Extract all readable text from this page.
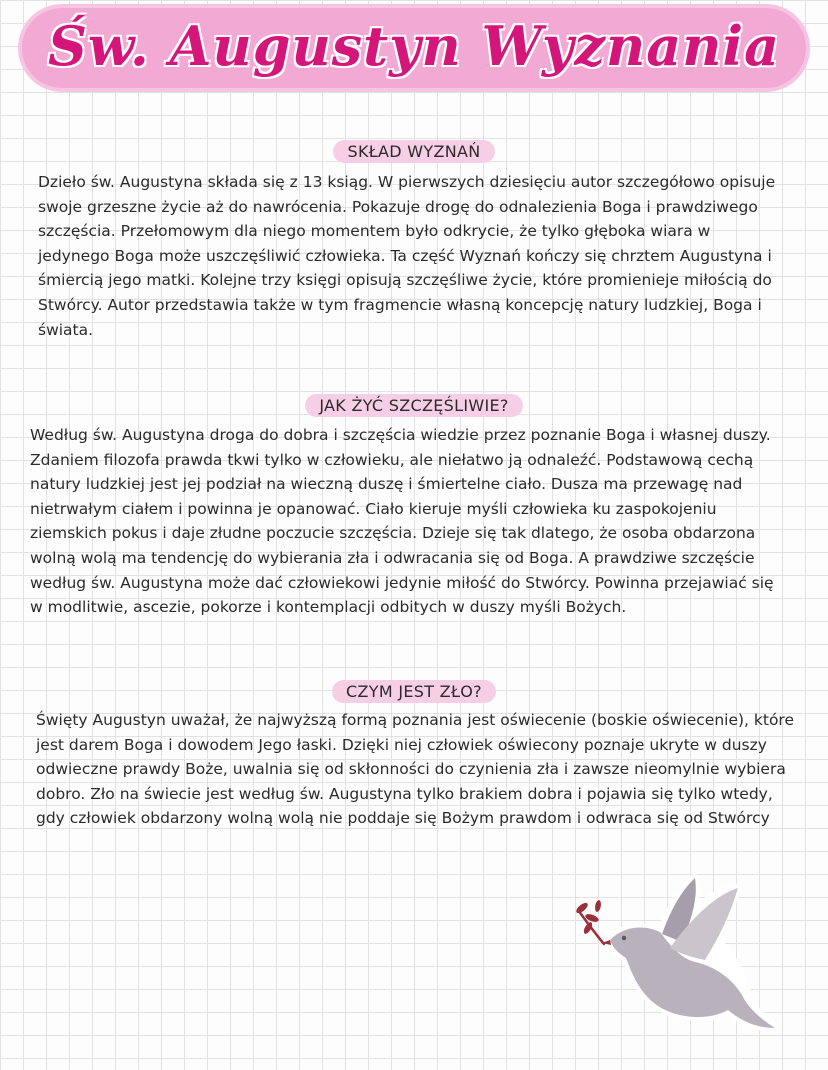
Św. Augustyn Wyznania
SKŁAD WYZNAŃ

Dzieło św. Augustyna składa się z 13 ksiąg. W pierwszych dziesięciu autor szczegółowo opisuje swoje grzeszne życie aż do nawrócenia. Pokazuje drogę do odnalezienia Boga i prawdziwego szczęścia. Przełomowym dla niego momentem było odkrycie, że tylko głęboka wiara w jedynego Boga może uszczęśliwić człowieka. Ta część Wyznań kończy się chrztem Augustyna i śmiercią jego matki. Kolejne trzy księgi opisują szczęśliwe życie, które promienieje miłością do Stwórcy. Autor przedstawia także w tym fragmencie własną koncepcję natury ludzkiej, Boga i świata.

JAK ŻYĆ SZCZĘŚLIWIE?

Według św. Augustyna droga do dobra i szczęścia wiedzie przez poznanie Boga i własnej duszy. Zdaniem filozofa prawda tkwi tylko w człowieku, ale niełatwo ją odnaleźć. Podstawową cechą natury ludzkiej jest jej podział na wieczną duszę i śmiertelne ciało. Dusza ma przewagę nad nietrwałym ciałem i powinna je opanować. Ciało kieruje myśli człowieka ku zaspokojeniu ziemskich pokus i daje złudne poczucie szczęścia. Dzieje się tak dlatego, że osoba obdarzona wolną wolą ma tendencję do wybierania zła i odwracania się od Boga. A prawdziwe szczęście według św. Augustyna może dać człowiekowi jedynie miłość do Stwórcy. Powinna przejawiać się w modlitwie, ascezie, pokorze i kontemplacji odbitych w duszy myśli Bożych.

CZYM JEST ZŁO?

Święty Augustyn uważał, że najwyższą formą poznania jest oświecenie (boskie oświecenie), które jest darem Boga i dowodem Jego łaski. Dzięki niej człowiek oświecony poznaje ukryte w duszy odwieczne prawdy Boże, uwalnia się od skłonności do czynienia zła i zawsze nieomylnie wybiera dobro. Zło na świecie jest według św. Augustyna tylko brakiem dobra i pojawia się tylko wtedy, gdy człowiek obdarzony wolną wolą nie poddaje się Bożym prawdom i odwraca się od Stwórcy
